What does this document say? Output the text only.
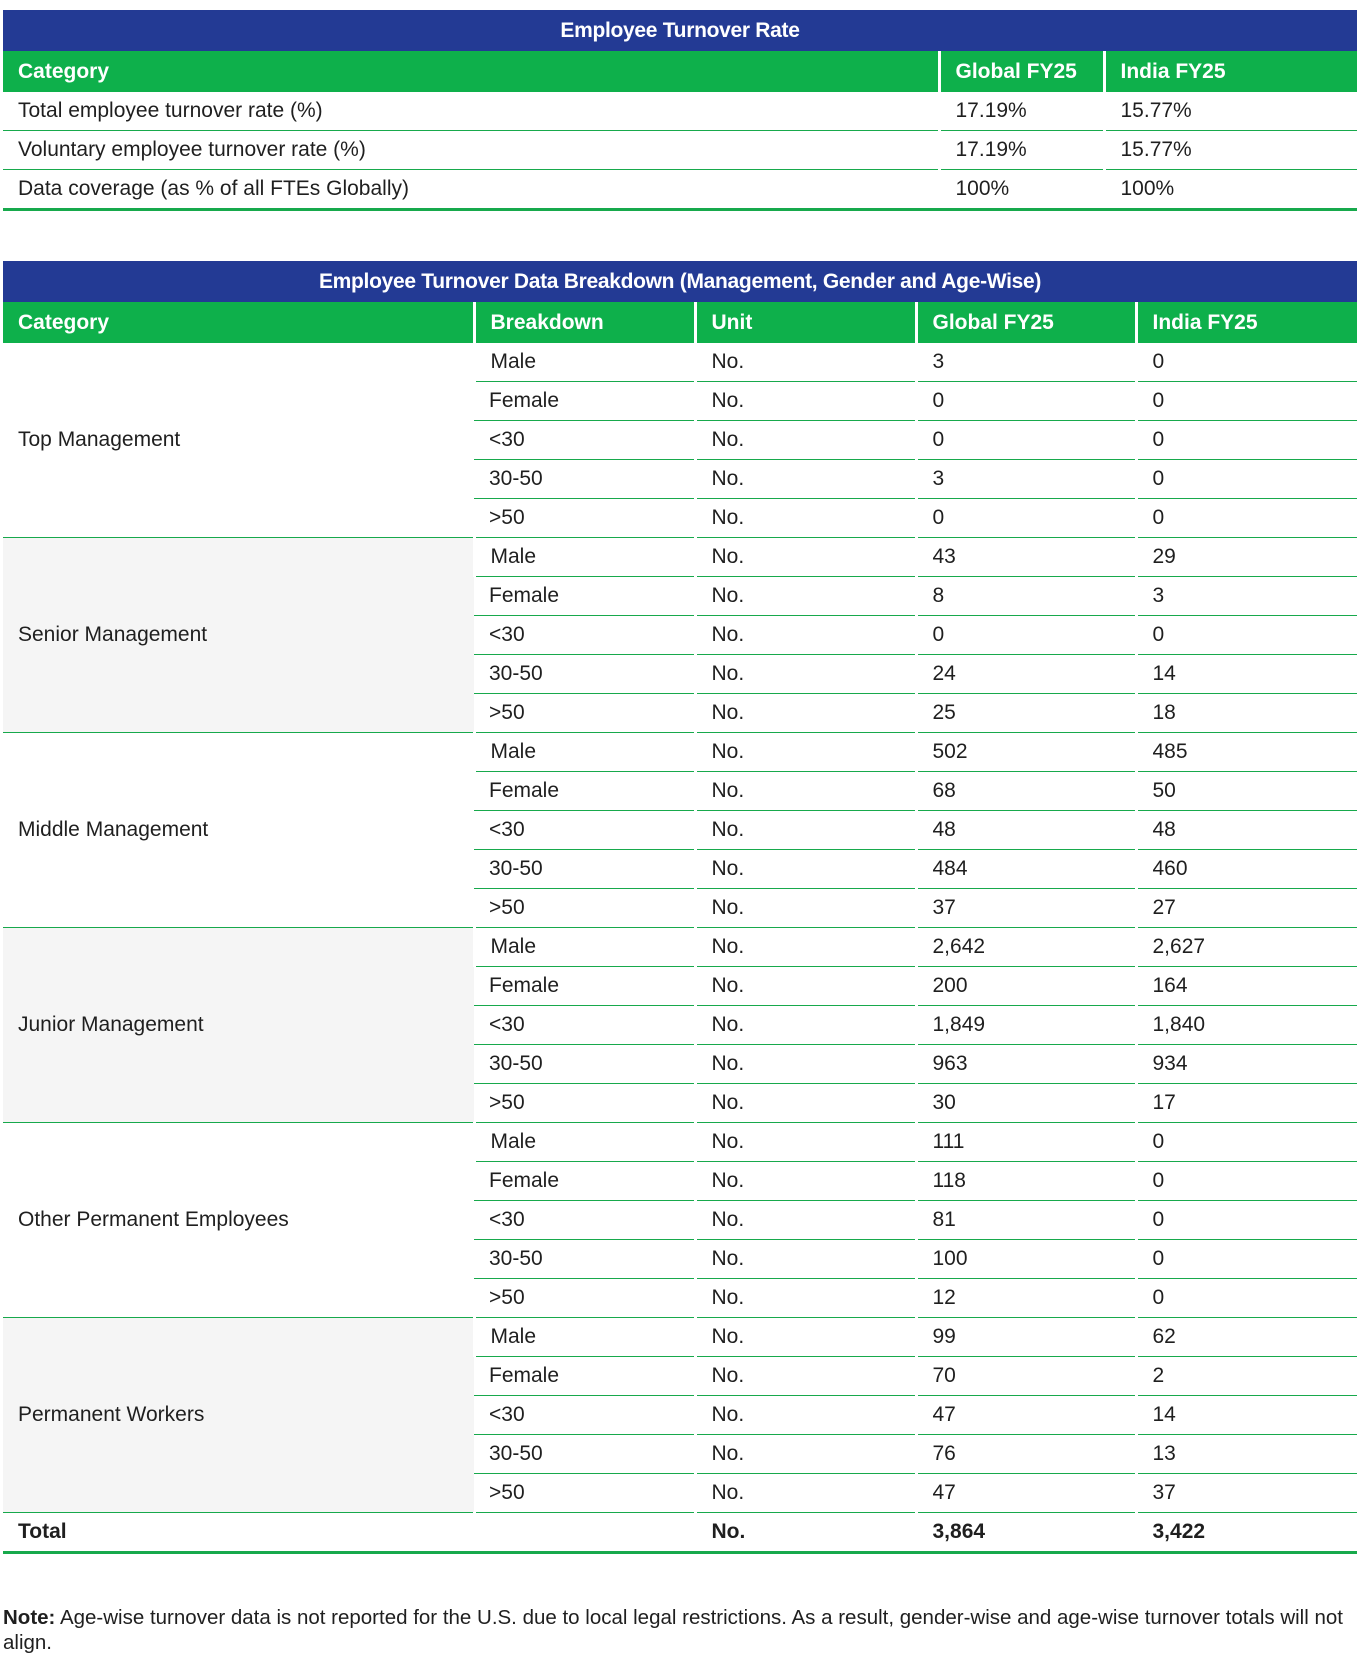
Employee Turnover Rate		
Category	Global FY25	India FY25
Total employee turnover rate (%)	17.19%	15.77%
Voluntary employee turnover rate (%)	17.19%	15.77%
Data coverage (as % of all FTEs Globally)	100%	100%
Employee Turnover Data Breakdown (Management, Gender and Age-Wise)				
Category	Breakdown	Unit	Global FY25	India FY25
Top Management	Male	No.	3	0
	Female	No.	0	0
	<30	No.	0	0
	30-50	No.	3	0
	>50	No.	0	0
Senior Management	Male	No.	43	29
	Female	No.	8	3
	<30	No.	0	0
	30-50	No.	24	14
	>50	No.	25	18
Middle Management	Male	No.	502	485
	Female	No.	68	50
	<30	No.	48	48
	30-50	No.	484	460
	>50	No.	37	27
Junior Management	Male	No.	2,642	2,627
	Female	No.	200	164
	<30	No.	1,849	1,840
	30-50	No.	963	934
	>50	No.	30	17
Other Permanent Employees	Male	No.	111	0
	Female	No.	118	0
	<30	No.	81	0
	30-50	No.	100	0
	>50	No.	12	0
Permanent Workers	Male	No.	99	62
	Female	No.	70	2
	<30	No.	47	14
	30-50	No.	76	13
	>50	No.	47	37
Total		No.	3,864	3,422
Note: Age-wise turnover data is not reported for the U.S. due to local legal restrictions. As a result, gender-wise and age-wise turnover totals will not align.
